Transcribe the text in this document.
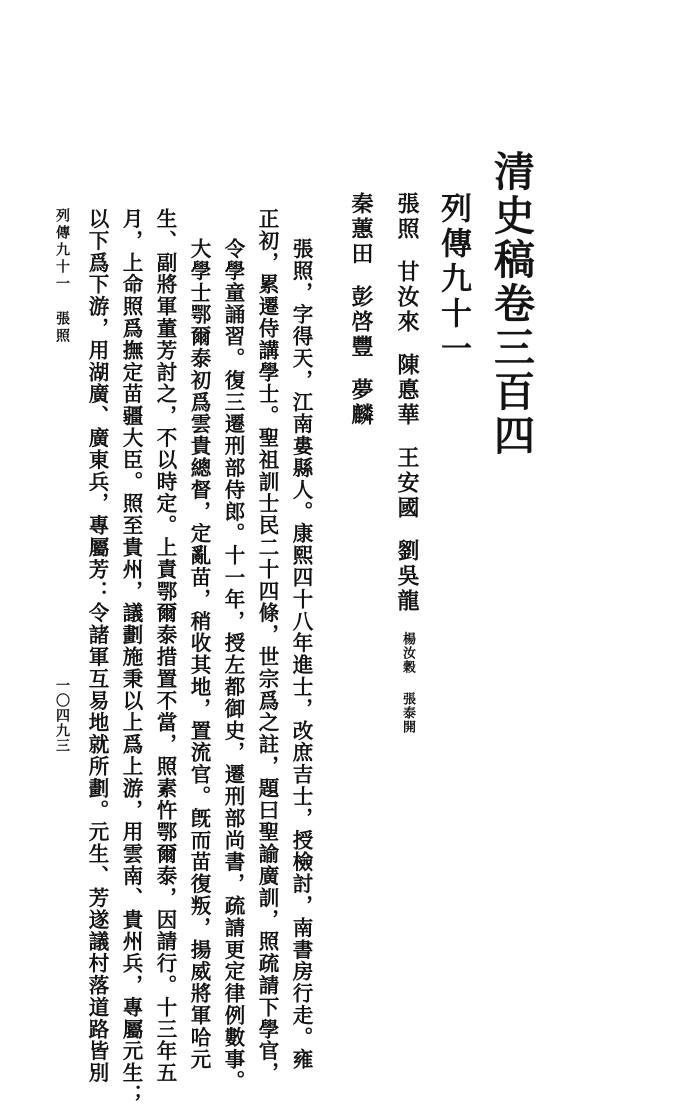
清史稿卷三百四
列傳九十一
張照甘汝來陳悳華王安國劉吳龍楊汝穀張泰開
秦蕙田彭啓豐夢麟
張照，字得天，江南婁縣人。康熙四十八年進士，改庶吉士，授檢討，南書房行走。雍
正初，累遷侍講學士。聖祖訓士民二十四條，世宗爲之註，題曰聖諭廣訓，照疏請下學官，
令學童誦習。復三遷刑部侍郎。十一年，授左都御史，遷刑部尚書，疏請更定律例數事。
大學士鄂爾泰初爲雲貴總督，定亂苗，稍收其地，置流官。旣而苗復叛，揚威將軍哈元
生、副將軍董芳討之，不以時定。上責鄂爾泰措置不當，照素忤鄂爾泰，因請行。十三年五
月，上命照爲撫定苗疆大臣。照至貴州，議劃施秉以上爲上游，用雲南、貴州兵，專屬元生；
以下爲下游，用湖廣、廣東兵，專屬芳：令諸軍互易地就所劃。元生、芳遂議村落道路皆別
列傳九十一張照
一〇四九三
